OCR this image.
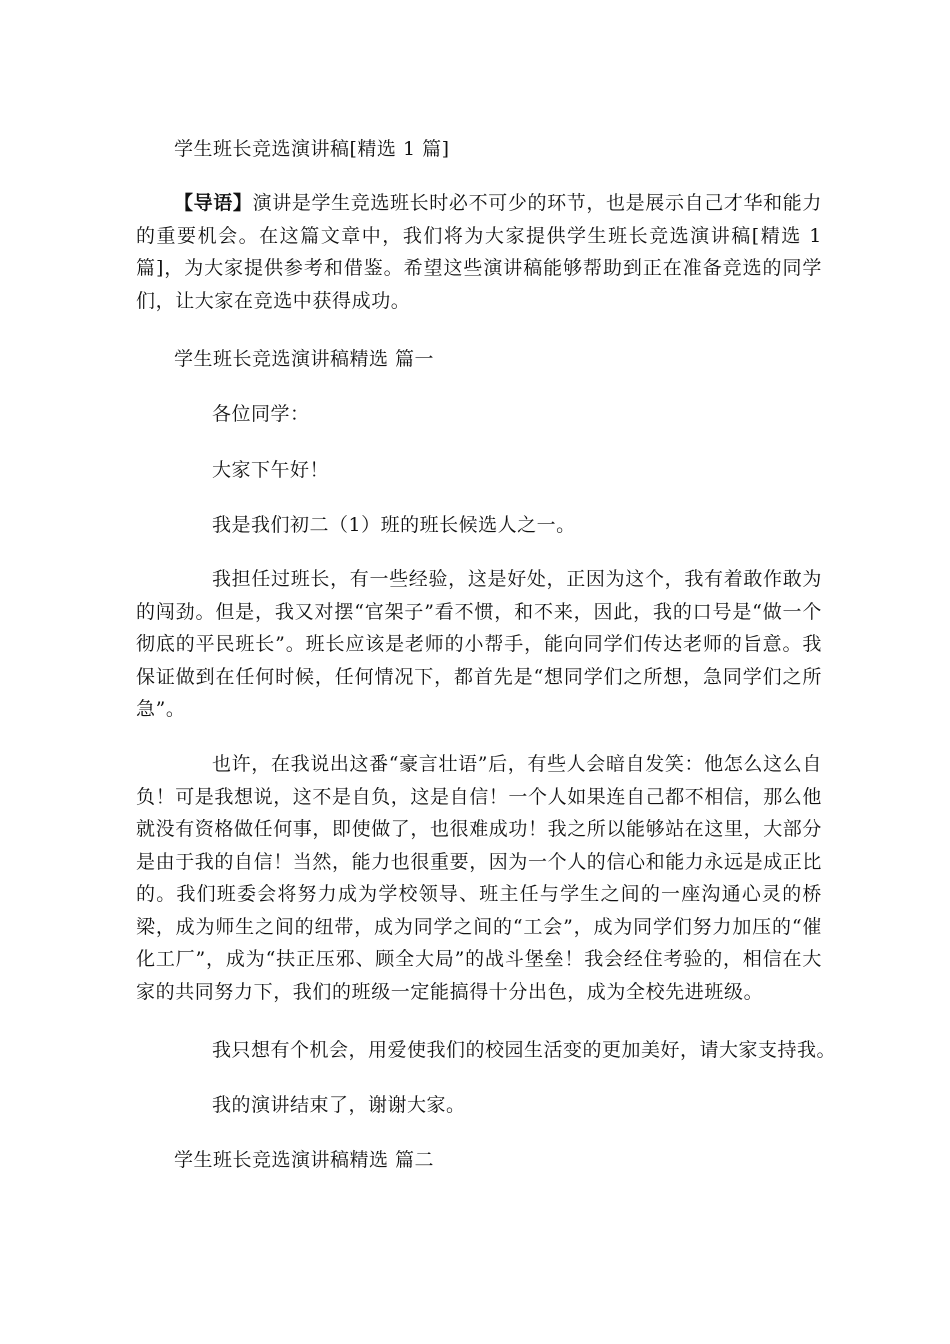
学生班长竞选演讲稿[精选 1 篇]
【导语】演讲是学生竞选班长时必不可少的环节，也是展示自己才华和能力的重要机会。在这篇文章中，我们将为大家提供学生班长竞选演讲稿[精选 1 篇]，为大家提供参考和借鉴。希望这些演讲稿能够帮助到正在准备竞选的同学们，让大家在竞选中获得成功。
学生班长竞选演讲稿精选 篇一
各位同学：
大家下午好！
我是我们初二（1）班的班长候选人之一。
我担任过班长，有一些经验，这是好处，正因为这个，我有着敢作敢为的闯劲。但是，我又对摆“官架子”看不惯，和不来，因此，我的口号是“做一个彻底的平民班长”。班长应该是老师的小帮手，能向同学们传达老师的旨意。我保证做到在任何时候，任何情况下，都首先是“想同学们之所想，急同学们之所急”。
也许，在我说出这番“豪言壮语”后，有些人会暗自发笑：他怎么这么自负！可是我想说，这不是自负，这是自信！一个人如果连自己都不相信，那么他就没有资格做任何事，即使做了，也很难成功！我之所以能够站在这里，大部分是由于我的自信！当然，能力也很重要，因为一个人的信心和能力永远是成正比的。我们班委会将努力成为学校领导、班主任与学生之间的一座沟通心灵的桥梁，成为师生之间的纽带，成为同学之间的“工会”，成为同学们努力加压的“催化工厂”，成为“扶正压邪、顾全大局”的战斗堡垒！我会经住考验的，相信在大家的共同努力下，我们的班级一定能搞得十分出色，成为全校先进班级。
我只想有个机会，用爱使我们的校园生活变的更加美好，请大家支持我。
我的演讲结束了，谢谢大家。
学生班长竞选演讲稿精选 篇二
